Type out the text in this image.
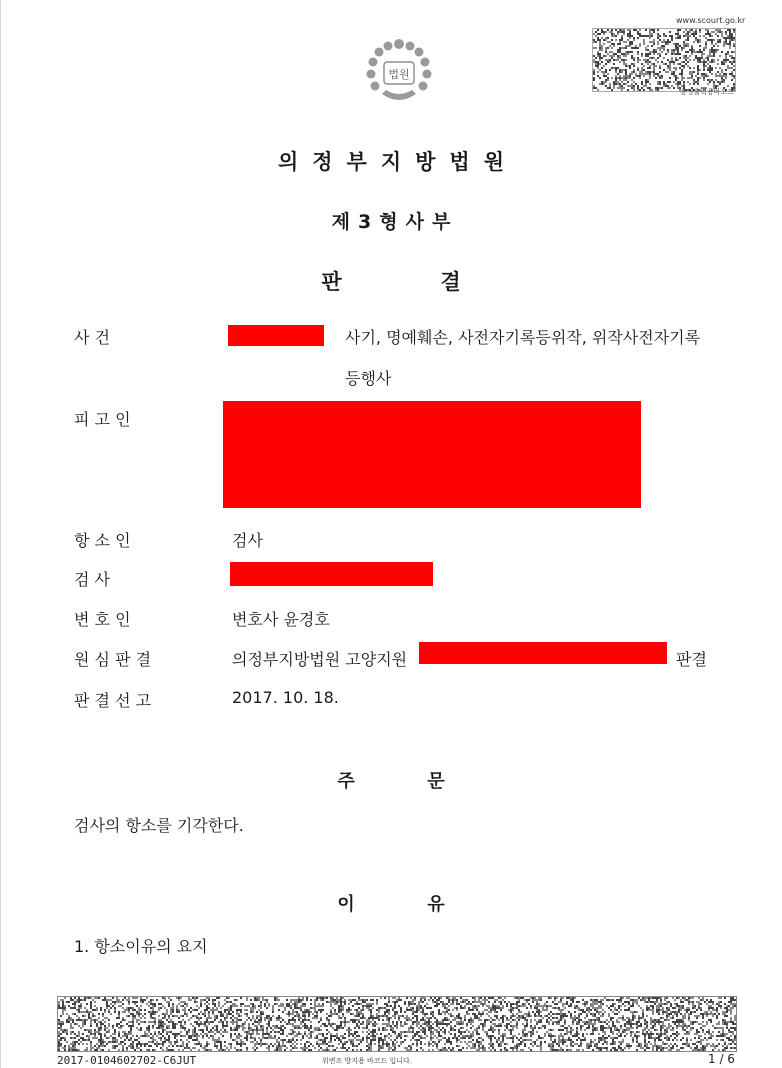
www.scourt.go.kr
법원
음성출력용바코드
의정부지방법원
제3형사부
판	결
사 건	사기, 명예훼손, 사전자기록등위작, 위작사전자기록
등행사
피 고 인
항 소 인	검사
검 사
변 호 인	변호사 윤경호
원 심 판 결	의정부지방법원 고양지원	판결
판 결 선 고	2017. 10. 18.
주	문
검사의 항소를 기각한다.
이	유
1. 항소이유의 요지
2017-0104602702-C6JUT	위변조 방지용 바코드 입니다.	1 / 6
